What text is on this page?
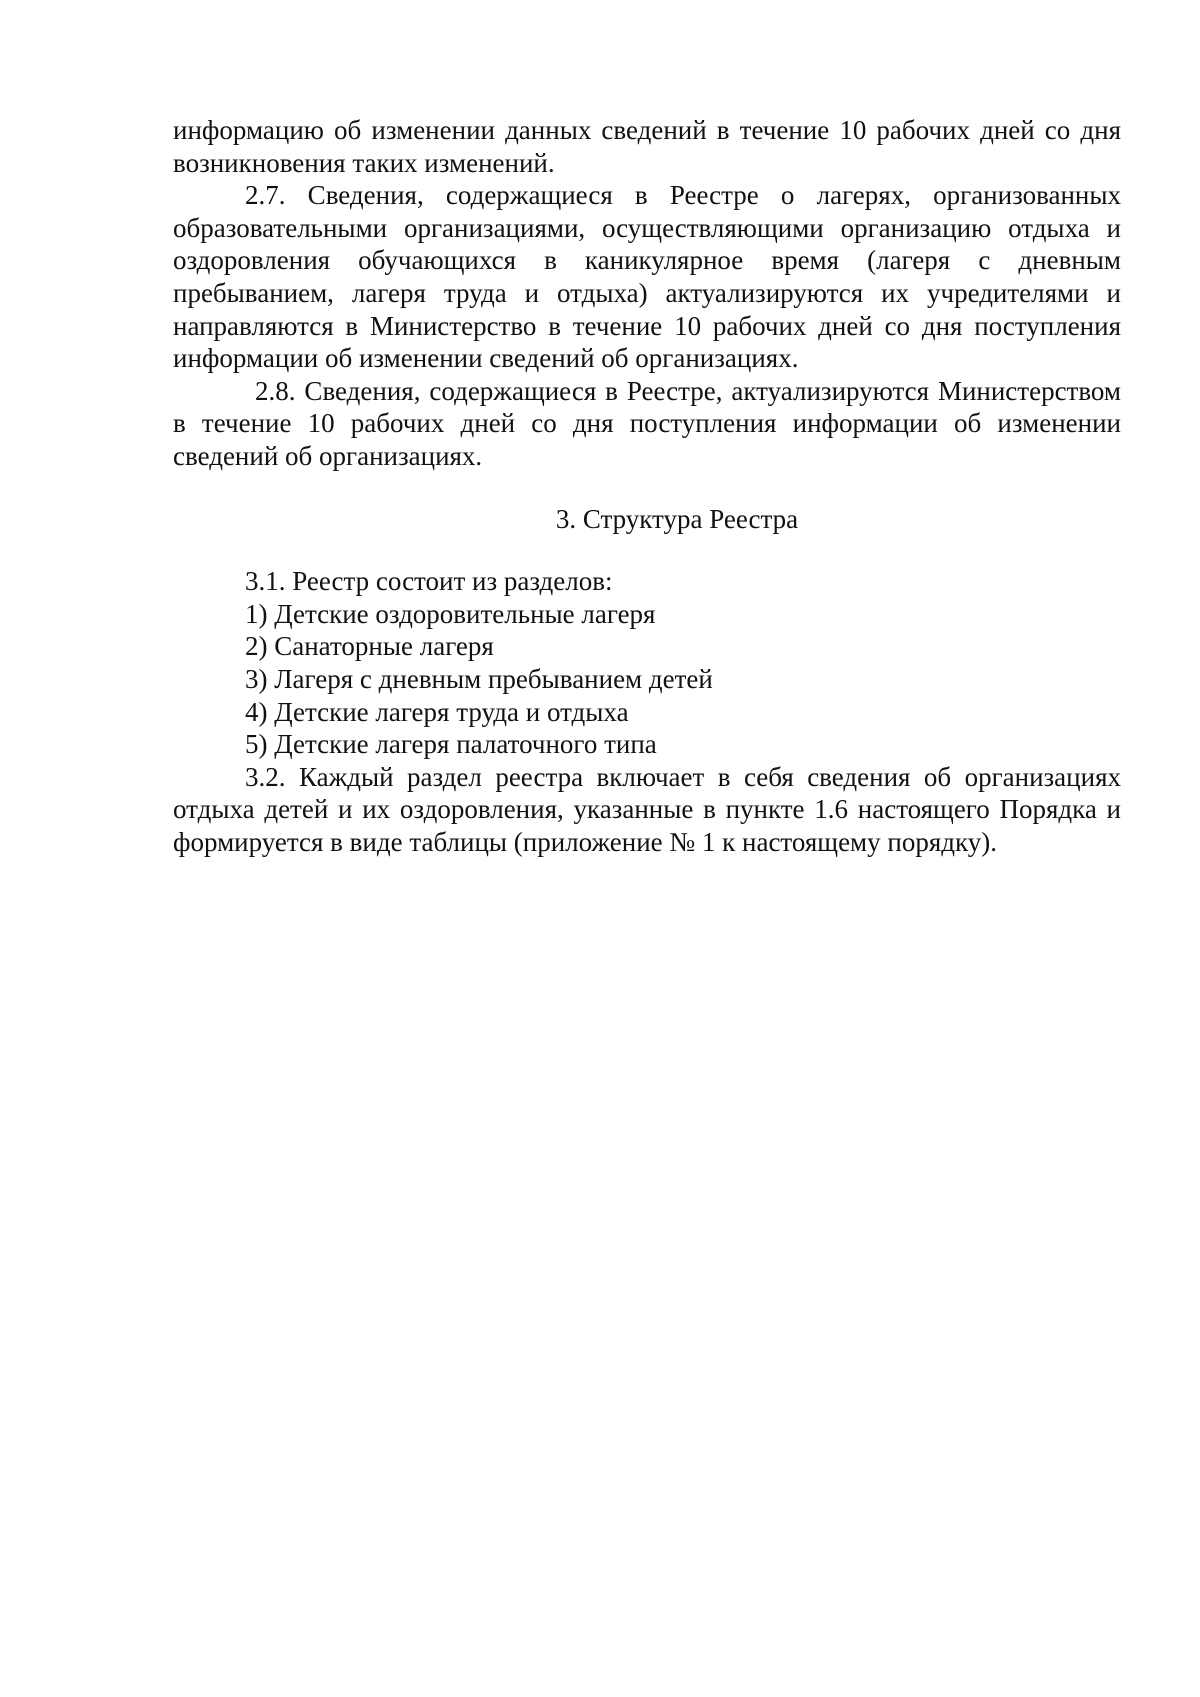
информацию об изменении данных сведений в течение 10 рабочих дней со дня возникновения таких изменений.

2.7. Сведения, содержащиеся в Реестре о лагерях, организованных образовательными организациями, осуществляющими организацию отдыха и оздоровления обучающихся в каникулярное время (лагеря с дневным пребыванием, лагеря труда и отдыха) актуализируются их учредителями и направляются в Министерство в течение 10 рабочих дней со дня поступления информации об изменении сведений об организациях.

2.8. Сведения, содержащиеся в Реестре, актуализируются Министерством в течение 10 рабочих дней со дня поступления информации об изменении сведений об организациях.

3. Структура Реестра

3.1. Реестр состоит из разделов:

1) Детские оздоровительные лагеря

2) Санаторные лагеря

3) Лагеря с дневным пребыванием детей

4) Детские лагеря труда и отдыха

5) Детские лагеря палаточного типа

3.2. Каждый раздел реестра включает в себя сведения об организациях отдыха детей и их оздоровления, указанные в пункте 1.6 настоящего Порядка и формируется в виде таблицы (приложение № 1 к настоящему порядку).
